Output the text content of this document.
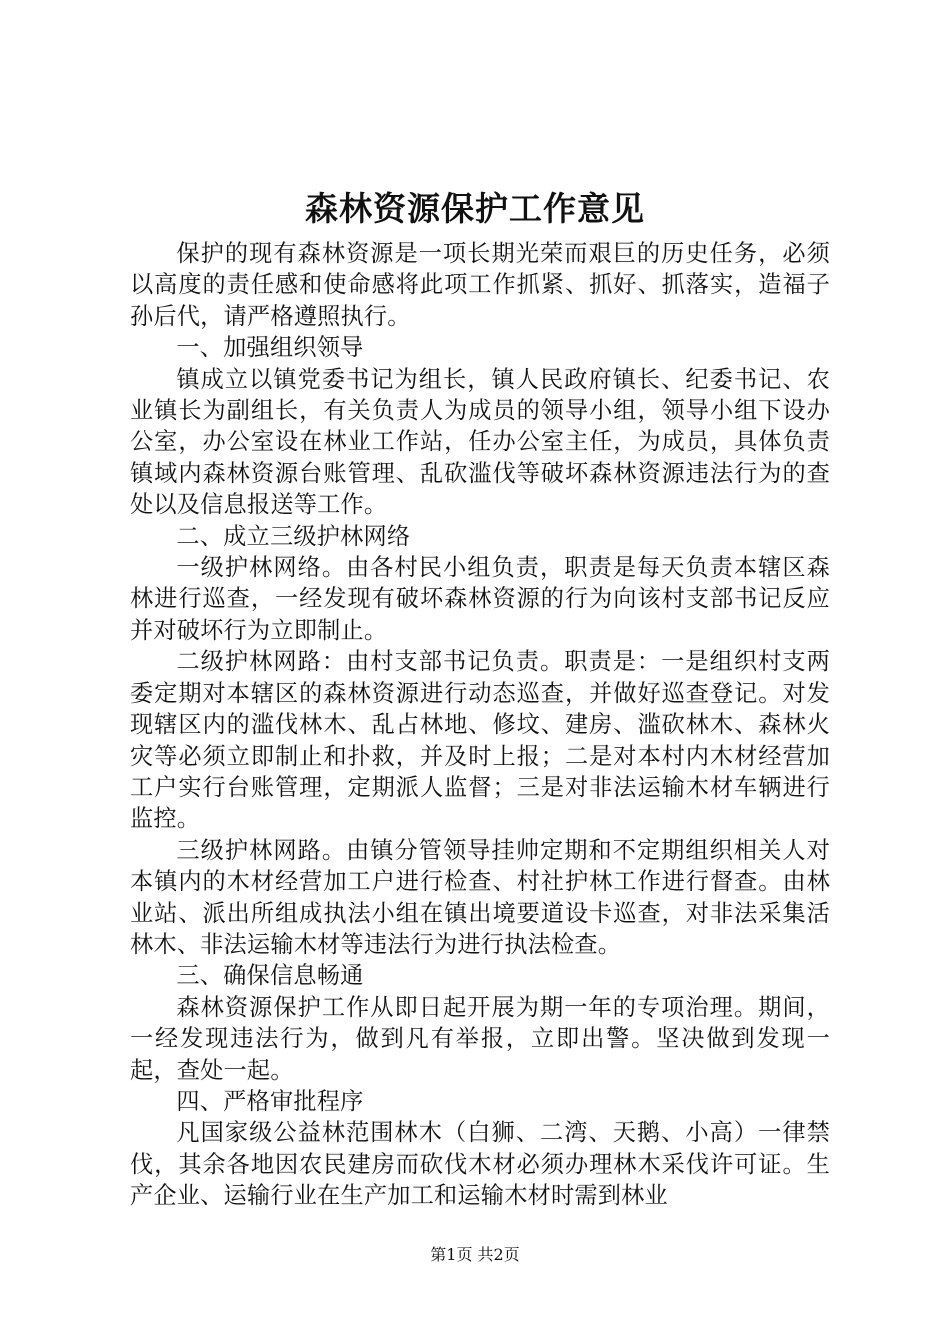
森林资源保护工作意见

保护的现有森林资源是一项长期光荣而艰巨的历史任务，必须以高度的责任感和使命感将此项工作抓紧、抓好、抓落实，造福子孙后代，请严格遵照执行。

一、加强组织领导

镇成立以镇党委书记为组长，镇人民政府镇长、纪委书记、农业镇长为副组长，有关负责人为成员的领导小组，领导小组下设办公室，办公室设在林业工作站，任办公室主任，为成员，具体负责镇域内森林资源台账管理、乱砍滥伐等破坏森林资源违法行为的查处以及信息报送等工作。

二、成立三级护林网络

一级护林网络。由各村民小组负责，职责是每天负责本辖区森林进行巡查，一经发现有破坏森林资源的行为向该村支部书记反应并对破坏行为立即制止。

二级护林网路：由村支部书记负责。职责是：一是组织村支两委定期对本辖区的森林资源进行动态巡查，并做好巡查登记。对发现辖区内的滥伐林木、乱占林地、修坟、建房、滥砍林木、森林火灾等必须立即制止和扑救，并及时上报；二是对本村内木材经营加工户实行台账管理，定期派人监督；三是对非法运输木材车辆进行监控。

三级护林网路。由镇分管领导挂帅定期和不定期组织相关人对本镇内的木材经营加工户进行检查、村社护林工作进行督查。由林业站、派出所组成执法小组在镇出境要道设卡巡查，对非法采集活林木、非法运输木材等违法行为进行执法检查。

三、确保信息畅通

森林资源保护工作从即日起开展为期一年的专项治理。期间，一经发现违法行为，做到凡有举报，立即出警。坚决做到发现一起，查处一起。

四、严格审批程序

凡国家级公益林范围林木（白狮、二湾、天鹅、小高）一律禁伐，其余各地因农民建房而砍伐木材必须办理林木采伐许可证。生产企业、运输行业在生产加工和运输木材时需到林业

第1页 共2页
